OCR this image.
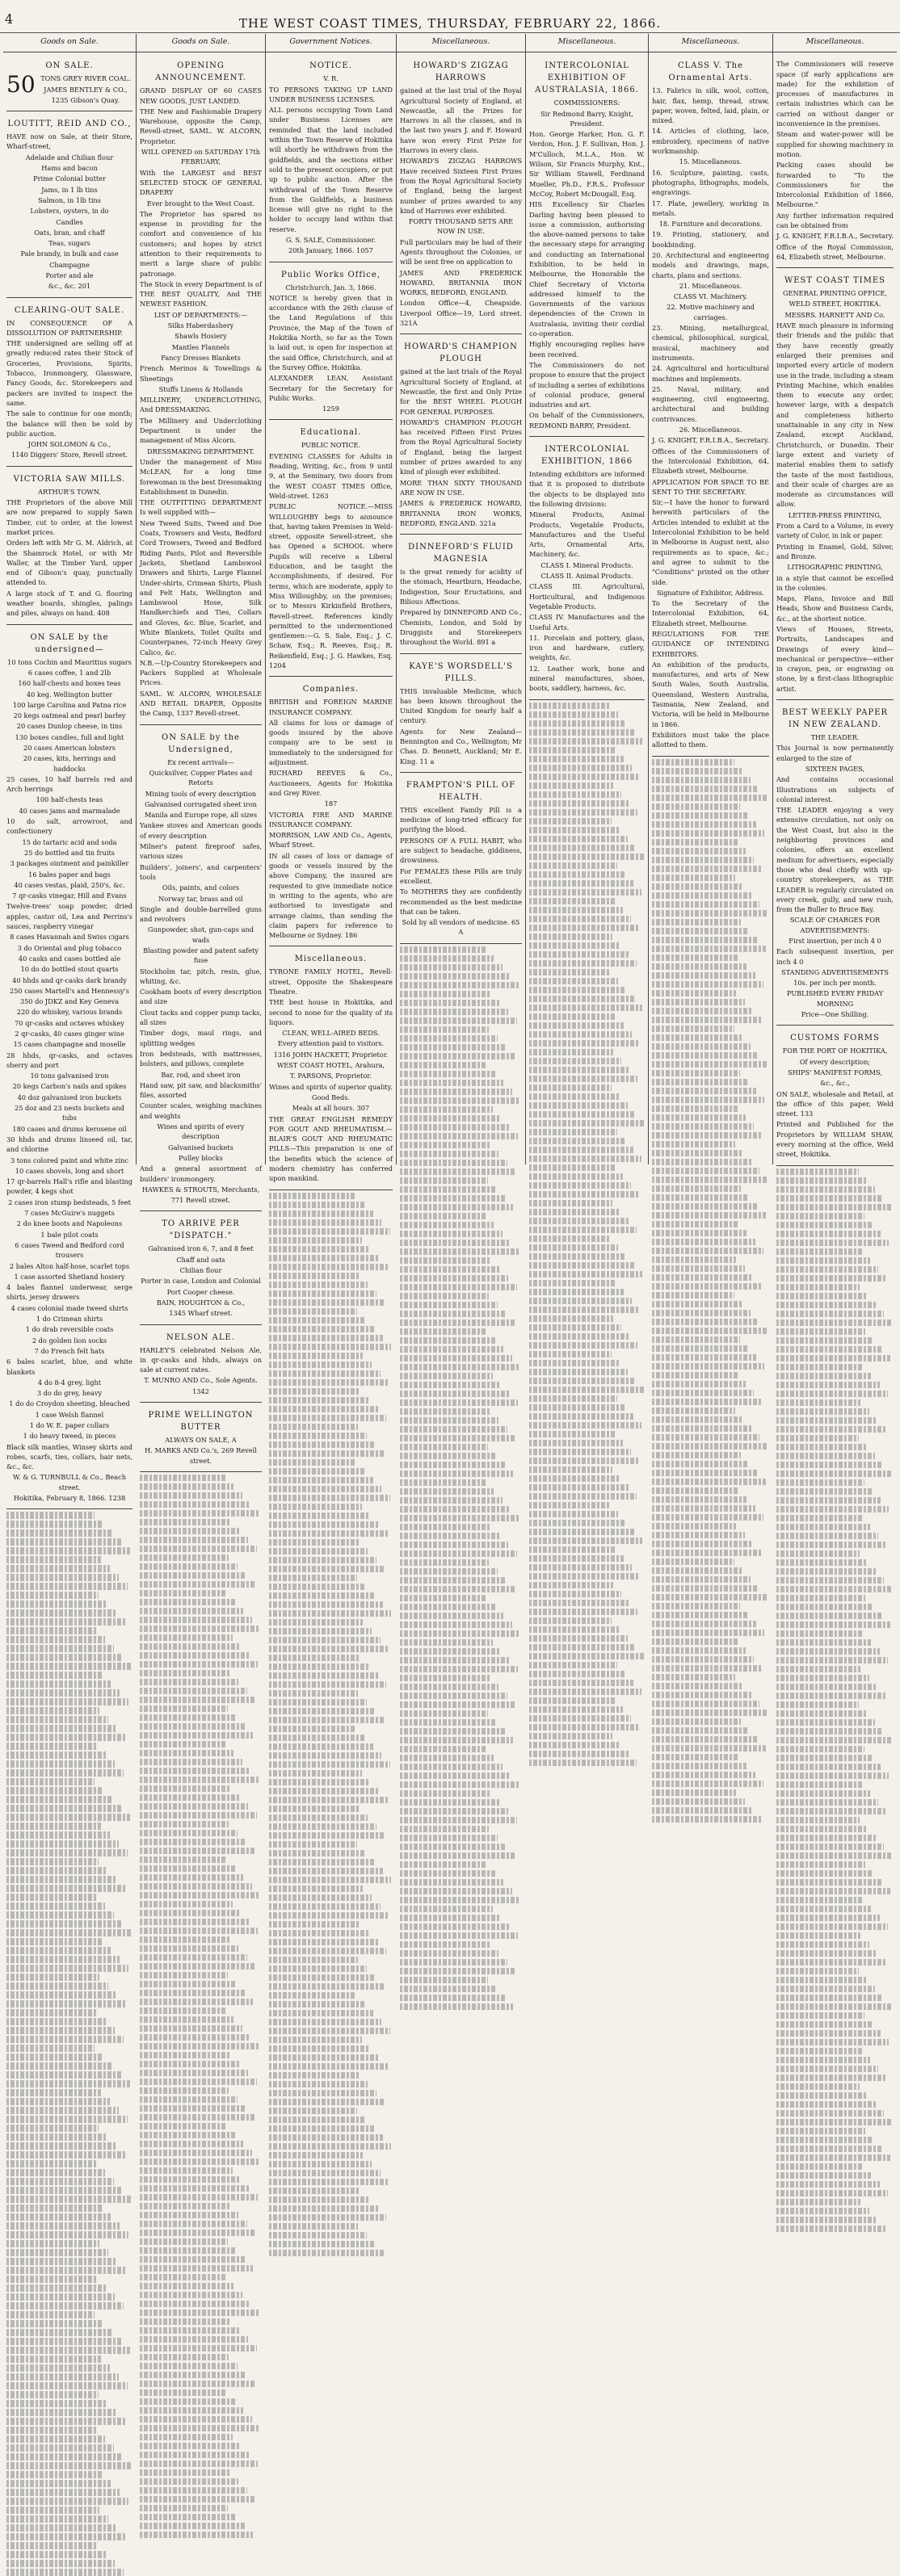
4	THE WEST COAST TIMES, THURSDAY, FEBRUARY 22, 1866.
Goods on Sale.
ON SALE.
50 TONS GREY RIVER COAL.

JAMES BENTLEY & CO.,

1235 Gibson's Quay.

LOUTITT, REID AND CO.,

HAVE now on Sale, at their Store, Wharf-street,

Adelaide and Chilian flour

Hams and bacon

Prime Colonial butter

Jams, in 1 lb tins

Salmon, in 1lb tins

Lobsters, oysters, in do

Candles

Oats, bran, and chaff

Teas, sugars

Pale brandy, in bulk and case

Champagne

Porter and ale

&c., &c. 201

CLEARING-OUT SALE.

IN CONSEQUENCE OF A DISSOLUTION OF PARTNERSHIP.

THE undersigned are selling off at greatly reduced rates their Stock of Groceries, Provisions, Spirits, Tobacco, Ironmongery, Glassware, Fancy Goods, &c. Storekeepers and packers are invited to inspect the same.

The sale to continue for one month; the balance will then be sold by public auction.

JOHN SOLOMON & Co.,

1140 Diggers' Store, Revell street.

VICTORIA SAW MILLS.

ARTHUR'S TOWN.

THE Proprietors of the above Mill are now prepared to supply Sawn Timber, cut to order, at the lowest market prices.

Orders left with Mr G. M. Aldrich, at the Shamrock Hotel, or with Mr Waller, at the Timber Yard, upper end of Gibson's quay, punctually attended to.

A large stock of T. and G. flooring weather boards, shingles, palings and piles, always on hand. 408

ON SALE by the undersigned—

10 tons Cochin and Mauritius sugars

6 cases coffee, 1 and 2lb

160 half-chests and boxes teas

40 keg. Wellington butter

100 large Carolina and Patna rice

20 kegs oatmeal and pearl barley

20 cases Dunlop cheese, in tins

130 boxes candles, full and light

20 cases American lobsters

20 cases, kits, herrings and haddocks

25 cases, 10 half barrels red and Arch herrings

100 half-chests teas

40 cases jams and marmalade

10 do salt, arrowroot, and confectionery

15 do tartaric acid and soda

25 do bottled and tin fruits

3 packages ointment and painkiller

16 bales paper and bags

40 cases vestas, plaid, 250's, &c.

7 qr-casks vinegar, Hill and Evans

Twelve-trees' soap powder, dried apples, castor oil, Lea and Perrins's sauces, raspberry vinegar

8 cases Havannah and Swiss cigars

3 do Oriental and plug tobacco

40 casks and cases bottled ale

10 do do bottled stout quarts

40 hhds and qr-casks dark brandy

250 cases Martell's and Hennessy's

350 do JDKZ and Key Geneva

220 do whiskey, various brands

70 qr-casks and octaves whiskey

2 qr-casks, 40 cases ginger wine

15 cases champagne and moselle

28 hhds, qr-casks, and octaves sherry and port

10 tons galvanised iron

20 kegs Carbon's nails and spikes

40 doz galvanised iron buckets

25 doz and 23 nests buckets and tubs

180 cases and drums kerosene oil

30 hhds and drums linseed oil, tar, and chlorine

3 tons colored paint and white zinc

10 cases shovels, long and short

17 qr-barrels Hall's rifle and blasting powder, 4 kegs shot

2 cases iron stump bedsteads, 5 feet

7 cases McGuire's nuggets

2 do knee boots and Napoleons

1 bale pilot coats

6 cases Tweed and Bedford cord trousers

2 bales Alton half-hose, scarlet tops

1 case assorted Shetland hosiery

4 bales flannel underwear, serge shirts, jersey drawers

4 cases colonial made tweed shirts

1 do Crimean shirts

1 do drab reversible coats

2 do golden lion socks

7 do French felt hats

6 bales scarlet, blue, and white blankets

4 do 8-4 grey, light

3 do do grey, heavy

1 do do Croydon sheeting, bleached

1 case Welsh flannel

1 do W. E. paper collars

1 do heavy tweed, in pieces

Black silk mantles, Winsey skirts and robes, scarfs, ties, collars, hair nets, &c., &c.

W. & G. TURNBULL & Co., Beach street.

Hokitika, February 8, 1866. 1238

Goods on Sale.
OPENING ANNOUNCEMENT.

GRAND DISPLAY OF 60 CASES NEW GOODS, JUST LANDED.

THE New and Fashionable Drapery Warehouse, opposite the Camp, Revell-street, SAML. W. ALCORN, Proprietor.

WILL OPENED on SATURDAY 17th FEBRUARY,

With the LARGEST and BEST SELECTED STOCK OF GENERAL DRAPERY

Ever brought to the West Coast.

The Proprietor has spared no expense in providing for the comfort and convenience of his customers; and hopes by strict attention to their requirements to merit a large share of public patronage.

The Stock in every Department is of THE BEST QUALITY, And THE NEWEST FASHION.

LIST OF DEPARTMENTS:—

Silks Haberdashery

Shawls Hosiery

Mantles Flannels

Fancy Dresses Blankets

French Merinos & Towellings & Sheetings

Stuffs Linens & Hollands

MILLINERY, UNDERCLOTHING, And DRESSMAKING.

The Millinery and Underclothing Department is under the management of Miss Alcorn.

DRESSMAKING DEPARTMENT.

Under the management of Miss McLEAN, for a long time forewoman in the best Dressmaking Establishment in Dunedin.

THE OUTFITTING DEPARTMENT Is well supplied with—

New Tweed Suits, Tweed and Doe Coats, Trowsers and Vests, Bedford Cord Trowsers, Tweed and Bedford Riding Pants, Pilot and Reversible Jackets, Shetland Lambswool Drawers and Shirts, Large Flannel Under-shirts, Crimean Shirts, Plush and Felt Hats, Wellington and Lambswool Hose, Silk Handkerchiefs and Ties, Collars and Gloves, &c. Blue, Scarlet, and White Blankets, Toilet Quilts and Counterpanes, 72-inch Heavy Grey Calico, &c.

N.B.—Up-Country Storekeepers and Packers Supplied at Wholesale Prices.

SAML. W. ALCORN, WHOLESALE AND RETAIL DRAPER, Opposite the Camp, 1337 Revell-street.

ON SALE by the Undersigned,

Ex recent arrivals—

Quicksilver, Copper Plates and Retorts

Mining tools of every description

Galvanised corrugated sheet iron

Manila and Europe rope, all sizes

Yankee stoves and American goods of every description

Milner's patent fireproof safes, various sizes

Builders', joiners', and carpenters' tools

Oils, paints, and colors

Norway tar, brass and oil

Single and double-barrelled guns and revolvers

Gunpowder, shot, gun-caps and wads

Blasting powder and patent safety fuse

Stockholm tar, pitch, resin, glue, whiting, &c.

Cookham boots of every description and size

Clout tacks and copper pump tacks, all sizes

Timber dogs, maul rings, and splitting wedges

Iron bedsteads, with mattresses, bolsters, and pillows, complete

Bar, rod, and sheet iron

Hand saw, pit saw, and blacksmiths' files, assorted

Counter scales, weighing machines and weights

Wines and spirits of every description

Galvanised buckets

Pulley blocks

And a general assortment of builders' ironmongery.

HAWKES & STROUTS, Merchants,

771 Revell street.

TO ARRIVE PER "DISPATCH."

Galvanised iron 6, 7, and 8 feet

Chaff and oats

Chilian flour

Porter in case, London and Colonial

Port Cooper cheese.

BAIN, HOUGHTON & Co.,

1345 Wharf street.

NELSON ALE.

HARLEY'S celebrated Nelson Ale, in qr-casks and hhds, always on sale at current rates.

T. MUNRO AND Co., Sole Agents.

1342

PRIME WELLINGTON BUTTER

ALWAYS ON SALE, A

H. MARKS AND Co.'s, 269 Revell street.

Government Notices.
NOTICE.

V. R.

TO PERSONS TAKING UP LAND UNDER BUSINESS LICENSES.

ALL persons occupying Town Land under Business Licenses are reminded that the land included within the Town Reserve of Hokitika will shortly be withdrawn from the goldfields, and the sections either sold to the present occupiers, or put up to public auction. After the withdrawal of the Town Reserve from the Goldfields, a business license will give no right to the holder to occupy land within that reserve.

G. S. SALE, Commissioner.

20th January, 1866. 1057

Public Works Office,

Christchurch, Jan. 3, 1866.

NOTICE is hereby given that in accordance with the 26th clause of the Land Regulations of this Province, the Map of the Town of Hokitika North, so far as the Town is laid out, is open for inspection at the said Office, Christchurch, and at the Survey Office, Hokitika.

ALEXANDER LEAN, Assistant Secretary for the Secretary for Public Works.

1259

Educational.

PUBLIC NOTICE.

EVENING CLASSES for Adults in Reading, Writing, &c., from 9 until 9, at the Seminary, two doors from the WEST COAST TIMES Office, Weld-street. 1263

PUBLIC NOTICE.—MISS WILLOUGHBY begs to announce that, having taken Premises in Weld-street, opposite Sewell-street, she has Opened a SCHOOL where Pupils will receive a Liberal Education, and be taught the Accomplishments, if desired. For terms, which are moderate, apply to Miss Willoughby, on the premises; or to Messrs Kirkinfield Brothers, Revell-street. References kindly permitted to the undermentioned gentlemen:—G. S. Sale, Esq.; J. C. Schaw, Esq.; R. Reeves, Esq.; R. Reikenfield, Esq.; J. G. Hawkes, Esq. 1204

Companies.

BRITISH and FOREIGN MARINE INSURANCE COMPANY.

All claims for loss or damage of goods insured by the above company are to be sent in immediately to the undersigned for adjustment.

RICHARD REEVES & Co., Auctioneers, Agents for Hokitika and Grey River.

187

VICTORIA FIRE AND MARINE INSURANCE COMPANY.

MORRISON, LAW AND Co., Agents, Wharf Street.

IN all cases of loss or damage of goods or vessels insured by the above Company, the insured are requested to give immediate notice in writing to the agents, who are authorised to investigate and arrange claims, than sending the claim papers for reference to Melbourne or Sydney. 186

Miscellaneous.

TYRONE FAMILY HOTEL, Revell-street, Opposite the Shakespeare Theatre.

THE best house in Hokitika, and second to none for the quality of its liquors.

CLEAN, WELL-AIRED BEDS.

Every attention paid to visitors.

1316 JOHN HACKETT, Proprietor.

WEST COAST HOTEL, Arahura,

T. PARSONS, Proprietor.

Wines and spirits of superior quality.

Good Beds.

Meals at all hours. 307

THE GREAT ENGLISH REMEDY FOR GOUT AND RHEUMATISM.—BLAIR'S GOUT AND RHEUMATIC PILLS—This preparation is one of the benefits which the science of modern chemistry has conferred upon mankind.

Miscellaneous.
HOWARD'S ZIGZAG HARROWS

gained at the last trial of the Royal Agricultural Society of England, at Newcastle, all the Prizes for Harrows in all the classes, and in the last two years J. and F. Howard have won every First Prize for Harrows in every class.

HOWARD'S ZIGZAG HARROWS Have received Sixteen First Prizes from the Royal Agricultural Society of England, being the largest number of prizes awarded to any kind of Harrows ever exhibited.

FORTY THOUSAND SETS ARE NOW IN USE.

Full particulars may be had of their Agents throughout the Colonies, or will be sent free on application to

JAMES AND FREDERICK HOWARD, BRITANNIA IRON WORKS, BEDFORD, ENGLAND.

London Office—4, Cheapside. Liverpool Office—19, Lord street. 321A

HOWARD'S CHAMPION PLOUGH

gained at the last trials of the Royal Agricultural Society of England, at Newcastle, the first and Only Prize for the BEST WHEEL PLOUGH FOR GENERAL PURPOSES.

HOWARD'S CHAMPION PLOUGH has received Fifteen First Prizes from the Royal Agricultural Society of England, being the largest number of prizes awarded to any kind of plough ever exhibited.

MORE THAN SIXTY THOUSAND ARE NOW IN USE.

JAMES & FREDERICK HOWARD, BRITANNIA IRON WORKS, BEDFORD, ENGLAND. 321a

DINNEFORD'S FLUID MAGNESIA

is the great remedy for acidity of the stomach, Heartburn, Headache, Indigestion, Sour Eructations, and Bilious Affections.

Prepared by DINNEFORD AND Co., Chemists, London, and Sold by Druggists and Storekeepers throughout the World. 891 a

KAYE'S WORSDELL'S PILLS.

THIS invaluable Medicine, which has been known throughout the United Kingdom for nearly half a century.

Agents for New Zealand—Bennington and Co., Wellington; Mr Chas. D. Bennett, Auckland; Mr E. King. 11 a

FRAMPTON'S PILL OF HEALTH.

THIS excellent Family Pill is a medicine of long-tried efficacy for purifying the blood.

PERSONS OF A FULL HABIT, who are subject to headache, giddiness, drowsiness.

For FEMALES these Pills are truly excellent.

To MOTHERS they are confidently recommended as the best medicine that can be taken.

Sold by all vendors of medicine. 65 A

Miscellaneous.
INTERCOLONIAL EXHIBITION OF AUSTRALASIA, 1866.

COMMISSIONERS:

Sir Redmond Barry, Knight, President.

Hon. George Harker, Hon. G. F. Verdon, Hon. J. F. Sullivan, Hon. J. M'Culloch, M.L.A., Hon. W. Wilson, Sir Francis Murphy, Knt., Sir William Stawell, Ferdinand Mueller, Ph.D., F.R.S., Professor McCoy, Robert McDougall, Esq.

HIS Excellency Sir Charles Darling having been pleased to issue a commission, authorising the above-named persons to take the necessary steps for arranging and conducting an International Exhibition, to be held in Melbourne, the Honorable the Chief Secretary of Victoria addressed himself to the Governments of the various dependencies of the Crown in Australasia, inviting their cordial co-operation.

Highly encouraging replies have been received.

The Commissioners do not propose to ensure that the project of including a series of exhibitions of colonial produce, general industries and art.

On behalf of the Commissioners, REDMOND BARRY, President.

INTERCOLONIAL EXHIBITION, 1866

Intending exhibitors are informed that it is proposed to distribute the objects to be displayed into the following divisions:

Mineral Products, Animal Products, Vegetable Products, Manufactures and the Useful Arts, Ornamental Arts, Machinery, &c.

CLASS I. Mineral Products.

CLASS II. Animal Products.

CLASS III. Agricultural, Horticultural, and Indigenous Vegetable Products.

CLASS IV. Manufactures and the Useful Arts.

11. Porcelain and pottery, glass, iron and hardware, cutlery, weights, &c.

12. Leather work, bone and mineral manufactures, shoes, boots, saddlery, harness, &c.

Miscellaneous.
CLASS V. The Ornamental Arts.

13. Fabrics in silk, wool, cotton, hair, flax, hemp, thread, straw, paper, woven, felted, laid, plain, or mixed.

14. Articles of clothing, lace, embroidery, specimens of native workmanship.

15. Miscellaneous.

16. Sculpture, painting, casts, photographs, lithographs, models, engravings.

17. Plate, jewellery, working in metals.

18. Furniture and decorations.

19. Printing, stationery, and bookbinding.

20. Architectural and engineering models and drawings, maps, charts, plans and sections.

21. Miscellaneous.

CLASS VI. Machinery.

22. Motive machinery and carriages.

23. Mining, metallurgical, chemical, philosophical, surgical, musical, machinery and instruments.

24. Agricultural and horticultural machines and implements.

25. Naval, military, and engineering, civil engineering, architectural and building contrivances.

26. Miscellaneous.

J. G. KNIGHT, F.R.I.B.A., Secretary.

Offices of the Commissioners of the Intercolonial Exhibition, 64, Elizabeth street, Melbourne.

APPLICATION FOR SPACE TO BE SENT TO THE SECRETARY.

Sir,—I have the honor to forward herewith particulars of the Articles intended to exhibit at the Intercolonial Exhibition to be held in Melbourne in August next, also requirements as to space, &c.; and agree to submit to the "Conditions" printed on the other side.

Signature of Exhibitor, Address.

To the Secretary of the Intercolonial Exhibition, 64, Elizabeth street, Melbourne.

REGULATIONS FOR THE GUIDANCE OF INTENDING EXHIBITORS.

An exhibition of the products, manufactures, and arts of New South Wales, South Australia, Queensland, Western Australia, Tasmania, New Zealand, and Victoria, will be held in Melbourne in 1866.

Exhibitors must take the place allotted to them.

Miscellaneous.

The Commissioners will reserve space (if early applications are made) for the exhibition of processes of manufactures in certain industries which can be carried on without danger or inconvenience in the premises.

Steam and water-power will be supplied for showing machinery in motion.

Packing cases should be forwarded to "To the Commissioners for the Intercolonial Exhibition of 1866, Melbourne."

Any further information required can be obtained from

J. G. KNIGHT, F.R.I.B.A., Secretary.

Office of the Royal Commission, 64, Elizabeth street, Melbourne.

WEST COAST TIMES

GENERAL PRINTING OFFICE,

WELD STREET, HOKITIKA.

MESSRS. HARNETT AND Co.

HAVE much pleasure in informing their friends and the public that they have recently greatly enlarged their premises and imported every article of modern use in the trade, including a steam Printing Machine, which enables them to execute any order, however large, with a despatch and completeness hitherto unattainable in any city in New Zealand, except Auckland, Christchurch, or Dunedin. Their large extent and variety of material enables them to satisfy the taste of the most fastidious, and their scale of charges are as moderate as circumstances will allow.

LETTER-PRESS PRINTING,

From a Card to a Volume, in every variety of Color, in ink or paper.

Printing in Enamel, Gold, Silver, and Bronze.

LITHOGRAPHIC PRINTING,

in a style that cannot be excelled in the colonies.

Maps, Plans, Invoice and Bill Heads, Show and Business Cards, &c., at the shortest notice.

Views of Houses, Streets, Portraits, Landscapes and Drawings of every kind—mechanical or perspective—either in crayon, pen, or engraving on stone, by a first-class lithographic artist.

BEST WEEKLY PAPER IN NEW ZEALAND.

THE LEADER.

This Journal is now permanently enlarged to the size of

SIXTEEN PAGES,

And contains occasional Illustrations on subjects of colonial interest.

THE LEADER enjoying a very extensive circulation, not only on the West Coast, but also in the neighboring provinces and colonies, offers an excellent medium for advertisers, especially those who deal chiefly with up-country storekeepers, as THE LEADER is regularly circulated on every creek, gully, and new rush, from the Buller to Bruce Bay.

SCALE OF CHARGES FOR ADVERTISEMENTS:

First insertion, per inch 4 0

Each subsequent insertion, per inch 4 0

STANDING ADVERTISEMENTS

10s. per inch per month.

PUBLISHED EVERY FRIDAY MORNING

Price—One Shilling.

CUSTOMS FORMS

FOR THE PORT OF HOKITIKA,

Of every description;

SHIPS' MANIFEST FORMS,

&c., &c.,

ON SALE, wholesale and Retail, at the office of this paper, Weld street. 133

Printed and Published for the Proprietors by WILLIAM SHAW, every morning at the office, Weld street, Hokitika.
